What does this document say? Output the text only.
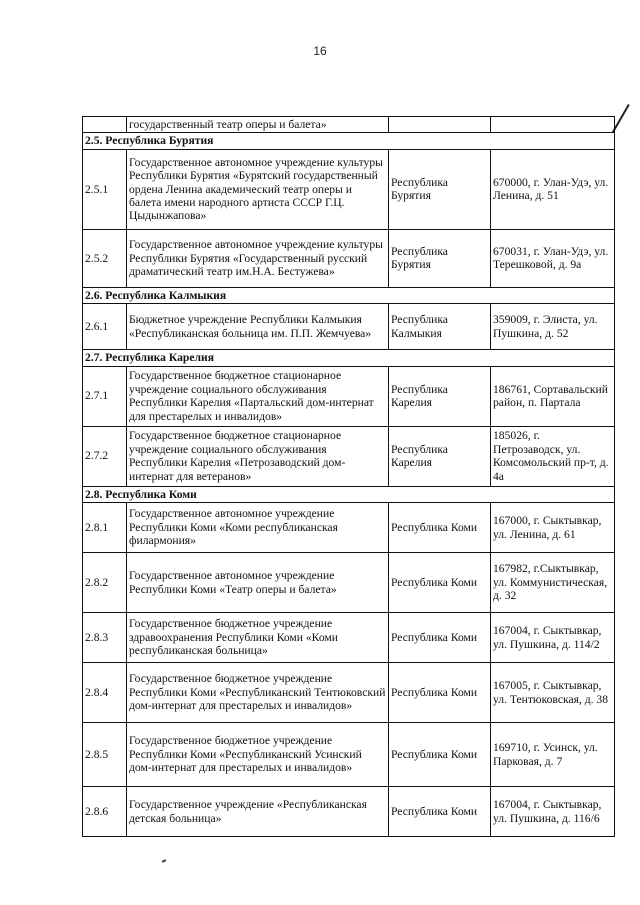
16
	государственный театр оперы и балета»		
2.5. Республика Бурятия			
2.5.1	Государственное автономное учреждение культуры Республики Бурятия «Бурятский государственный ордена Ленина академический театр оперы и балета имени народного артиста СССР Г.Ц. Цыдынжапова»	Республика Бурятия	670000, г. Улан-Удэ, ул. Ленина, д. 51
2.5.2	Государственное автономное учреждение культуры Республики Бурятия «Государственный русский драматический театр им.Н.А. Бестужева»	Республика Бурятия	670031, г. Улан-Удэ, ул. Терешковой, д. 9а
2.6. Республика Калмыкия			
2.6.1	Бюджетное учреждение Республики Калмыкия «Республиканская больница им. П.П. Жемчуева»	Республика Калмыкия	359009, г. Элиста, ул. Пушкина, д. 52
2.7. Республика Карелия			
2.7.1	Государственное бюджетное стационарное учреждение социального обслуживания Республики Карелия «Партальский дом-интернат для престарелых и инвалидов»	Республика Карелия	186761, Сортавальский район, п. Партала
2.7.2	Государственное бюджетное стационарное учреждение социального обслуживания Республики Карелия «Петрозаводский дом-интернат для ветеранов»	Республика Карелия	185026, г. Петрозаводск, ул. Комсомольский пр-т, д. 4а
2.8. Республика Коми			
2.8.1	Государственное автономное учреждение Республики Коми «Коми республиканская филармония»	Республика Коми	167000, г. Сыктывкар, ул. Ленина, д. 61
2.8.2	Государственное автономное учреждение Республики Коми «Театр оперы и балета»	Республика Коми	167982, г.Сыктывкар, ул. Коммунистическая, д. 32
2.8.3	Государственное бюджетное учреждение здравоохранения Республики Коми «Коми республиканская больница»	Республика Коми	167004, г. Сыктывкар, ул. Пушкина, д. 114/2
2.8.4	Государственное бюджетное учреждение Республики Коми «Республиканский Тентюковский дом-интернат для престарелых и инвалидов»	Республика Коми	167005, г. Сыктывкар, ул. Тентюковская, д. 38
2.8.5	Государственное бюджетное учреждение Республики Коми «Республиканский Усинский дом-интернат для престарелых и инвалидов»	Республика Коми	169710, г. Усинск, ул. Парковая, д. 7
2.8.6	Государственное учреждение «Республиканская детская больница»	Республика Коми	167004, г. Сыктывкар, ул. Пушкина, д. 116/6
